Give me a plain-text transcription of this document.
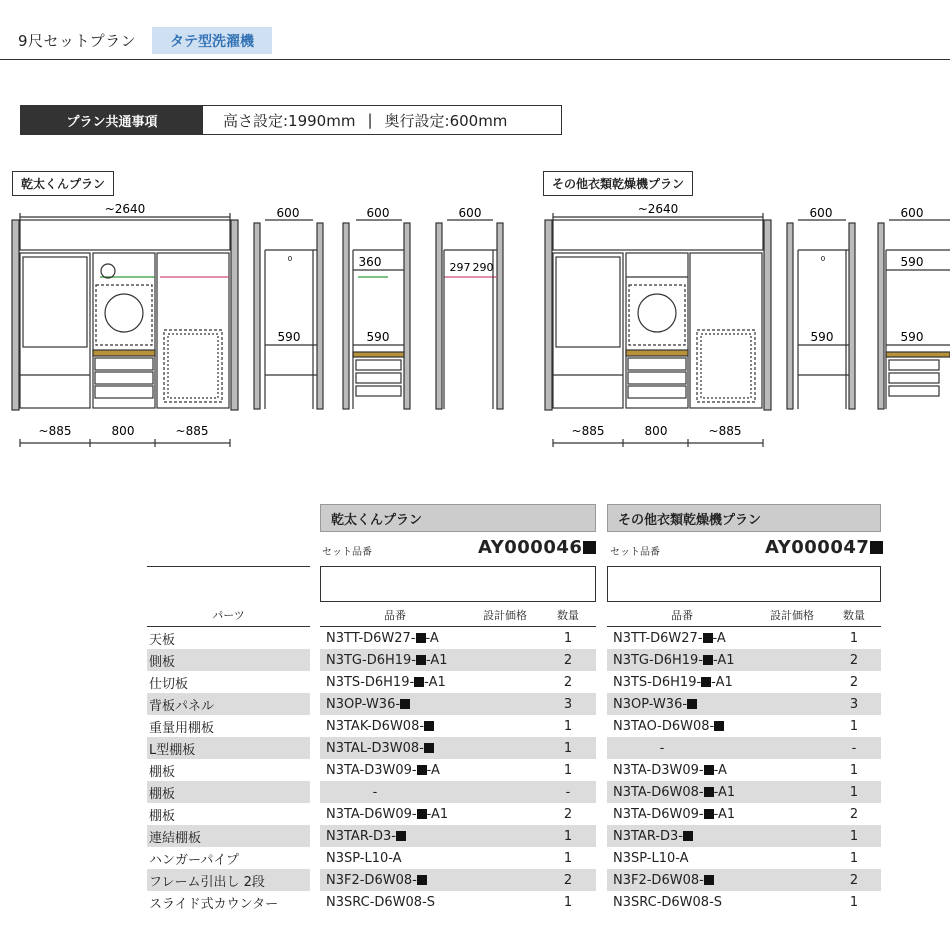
9尺セットプラン	タテ型洗濯機
プラン共通事項	高さ設定:1990mm | 奥行設定:600mm
乾太くんプラン	その他衣類乾燥機プラン
~2640
~885	800	~885
600
0
590
600
360
590
600
297 290
~2640
~885	800	~885
600
0
590
600
590
590
乾太くんプラン	その他衣類乾燥機プラン
セット品番	AY000046	セット品番	AY000047
パーツ		品番	設計価格	数量		品番	設計価格	数量
天板		N3TT-D6W27- -A		1		N3TT-D6W27- -A		1
側板		N3TG-D6H19- -A1		2		N3TG-D6H19- -A1		2
仕切板		N3TS-D6H19- -A1		2		N3TS-D6H19- -A1		2
背板パネル		N3OP-W36-		3		N3OP-W36-		3
重量用棚板		N3TAK-D6W08-		1		N3TAO-D6W08-		1
L型棚板		N3TAL-D3W08-		1		-		-
棚板		N3TA-D3W09- -A		1		N3TA-D3W09- -A		1
棚板		-		-		N3TA-D6W08- -A1		1
棚板		N3TA-D6W09- -A1		2		N3TA-D6W09- -A1		2
連結棚板		N3TAR-D3-		1		N3TAR-D3-		1
ハンガーパイプ		N3SP-L10-A		1		N3SP-L10-A		1
フレーム引出し 2段		N3F2-D6W08-		2		N3F2-D6W08-		2
スライド式カウンター		N3SRC-D6W08-S		1		N3SRC-D6W08-S		1
